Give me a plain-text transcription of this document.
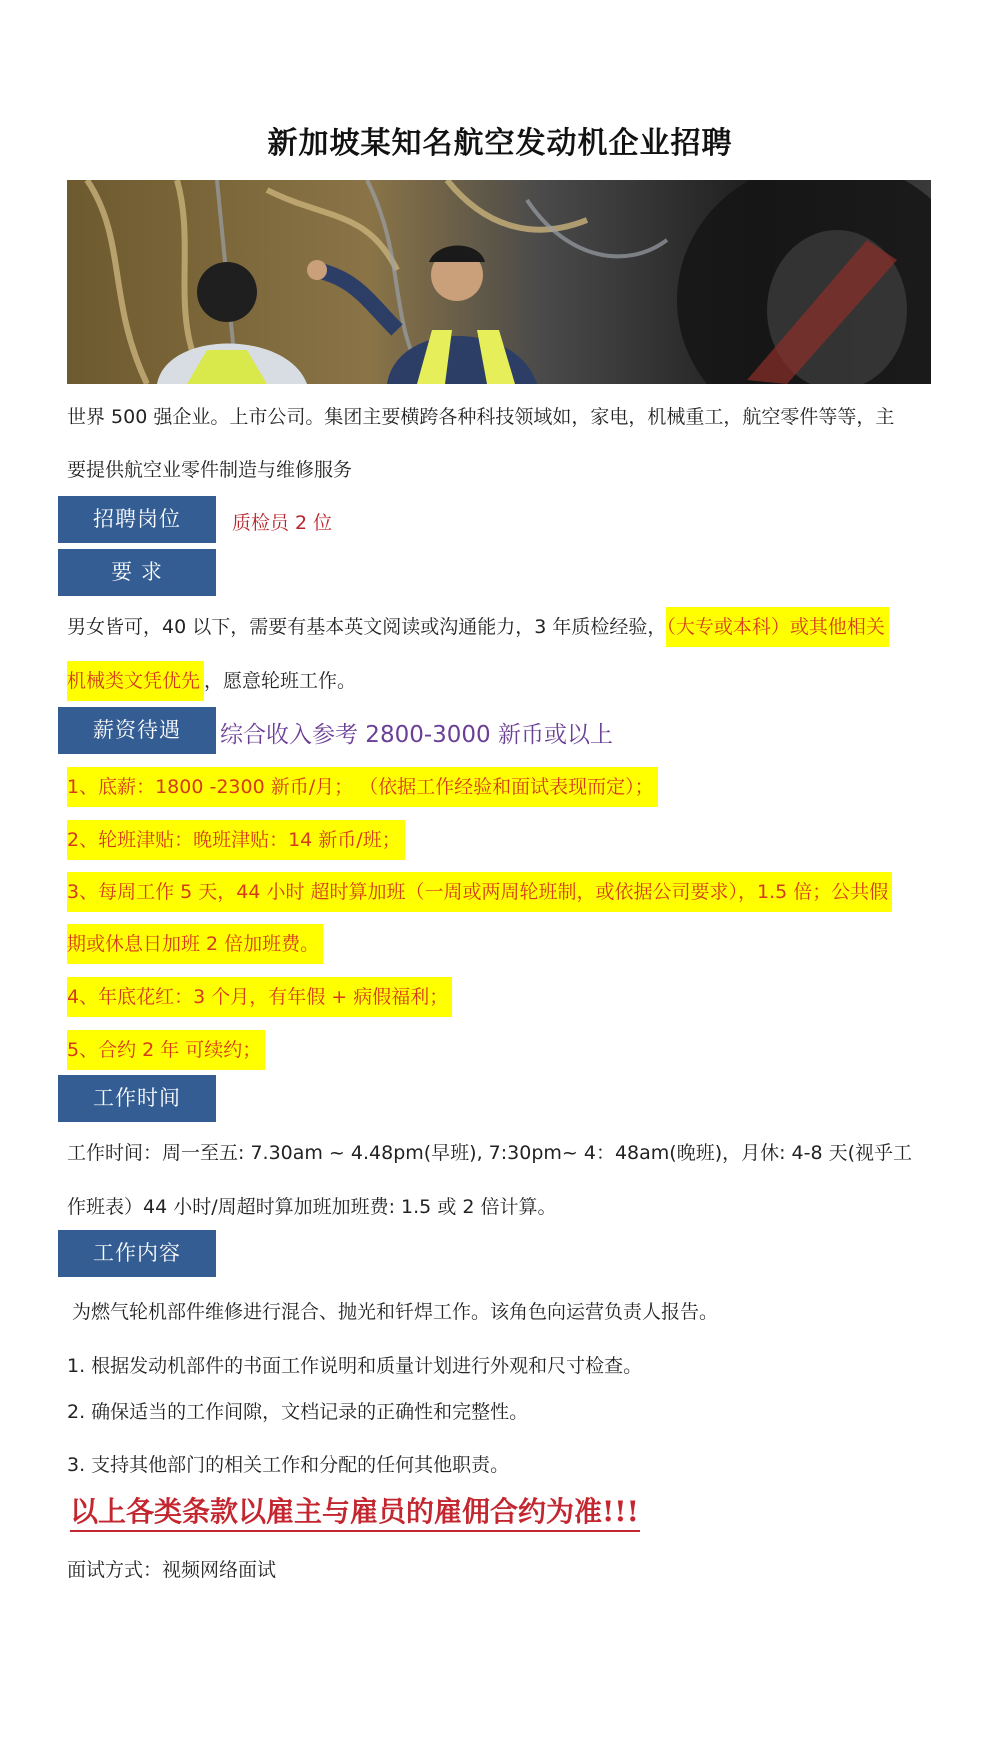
新加坡某知名航空发动机企业招聘
世界 500 强企业。上市公司。集团主要横跨各种科技领域如，家电，机械重工，航空零件等等，主
要提供航空业零件制造与维修服务
招聘岗位	质检员 2 位
要 求
男女皆可，40 以下，需要有基本英文阅读或沟通能力，3 年质检经验，（大专或本科）或其他相关
机械类文凭优先 ，愿意轮班工作。
薪资待遇	综合收入参考 2800-3000 新币或以上
1、底薪：1800 -2300 新币/月； （依据工作经验和面试表现而定）；
2、轮班津贴：晚班津贴：14 新币/班；
3、每周工作 5 天，44 小时 超时算加班（一周或两周轮班制，或依据公司要求），1.5 倍；公共假
期或休息日加班 2 倍加班费。
4、年底花红：3 个月，有年假 + 病假福利；
5、合约 2 年 可续约；
工作时间
工作时间：周一至五: 7.30am ~ 4.48pm(早班), 7:30pm~ 4：48am(晚班)，月休: 4-8 天(视乎工
作班表）44 小时/周超时算加班加班费: 1.5 或 2 倍计算。
工作内容
为燃气轮机部件维修进行混合、抛光和钎焊工作。该角色向运营负责人报告。
1. 根据发动机部件的书面工作说明和质量计划进行外观和尺寸检查。
2. 确保适当的工作间隙，文档记录的正确性和完整性。
3. 支持其他部门的相关工作和分配的任何其他职责。
以上各类条款以雇主与雇员的雇佣合约为准!!!
面试方式：视频网络面试
